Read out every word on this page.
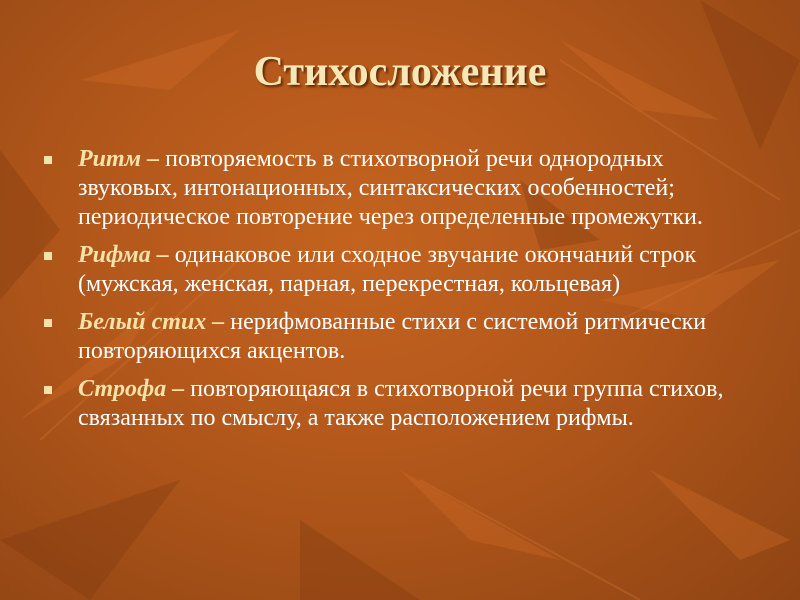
Стихосложение
Ритм – повторяемость в стихотворной речи однородных звуковых, интонационных, синтаксических особенностей; периодическое повторение через определенные промежутки.
Рифма – одинаковое или сходное звучание окончаний строк (мужская, женская, парная, перекрестная, кольцевая)
Белый стих – нерифмованные стихи с системой ритмически повторяющихся акцентов.
Строфа – повторяющаяся в стихотворной речи группа стихов, связанных по смыслу, а также расположением рифмы.
